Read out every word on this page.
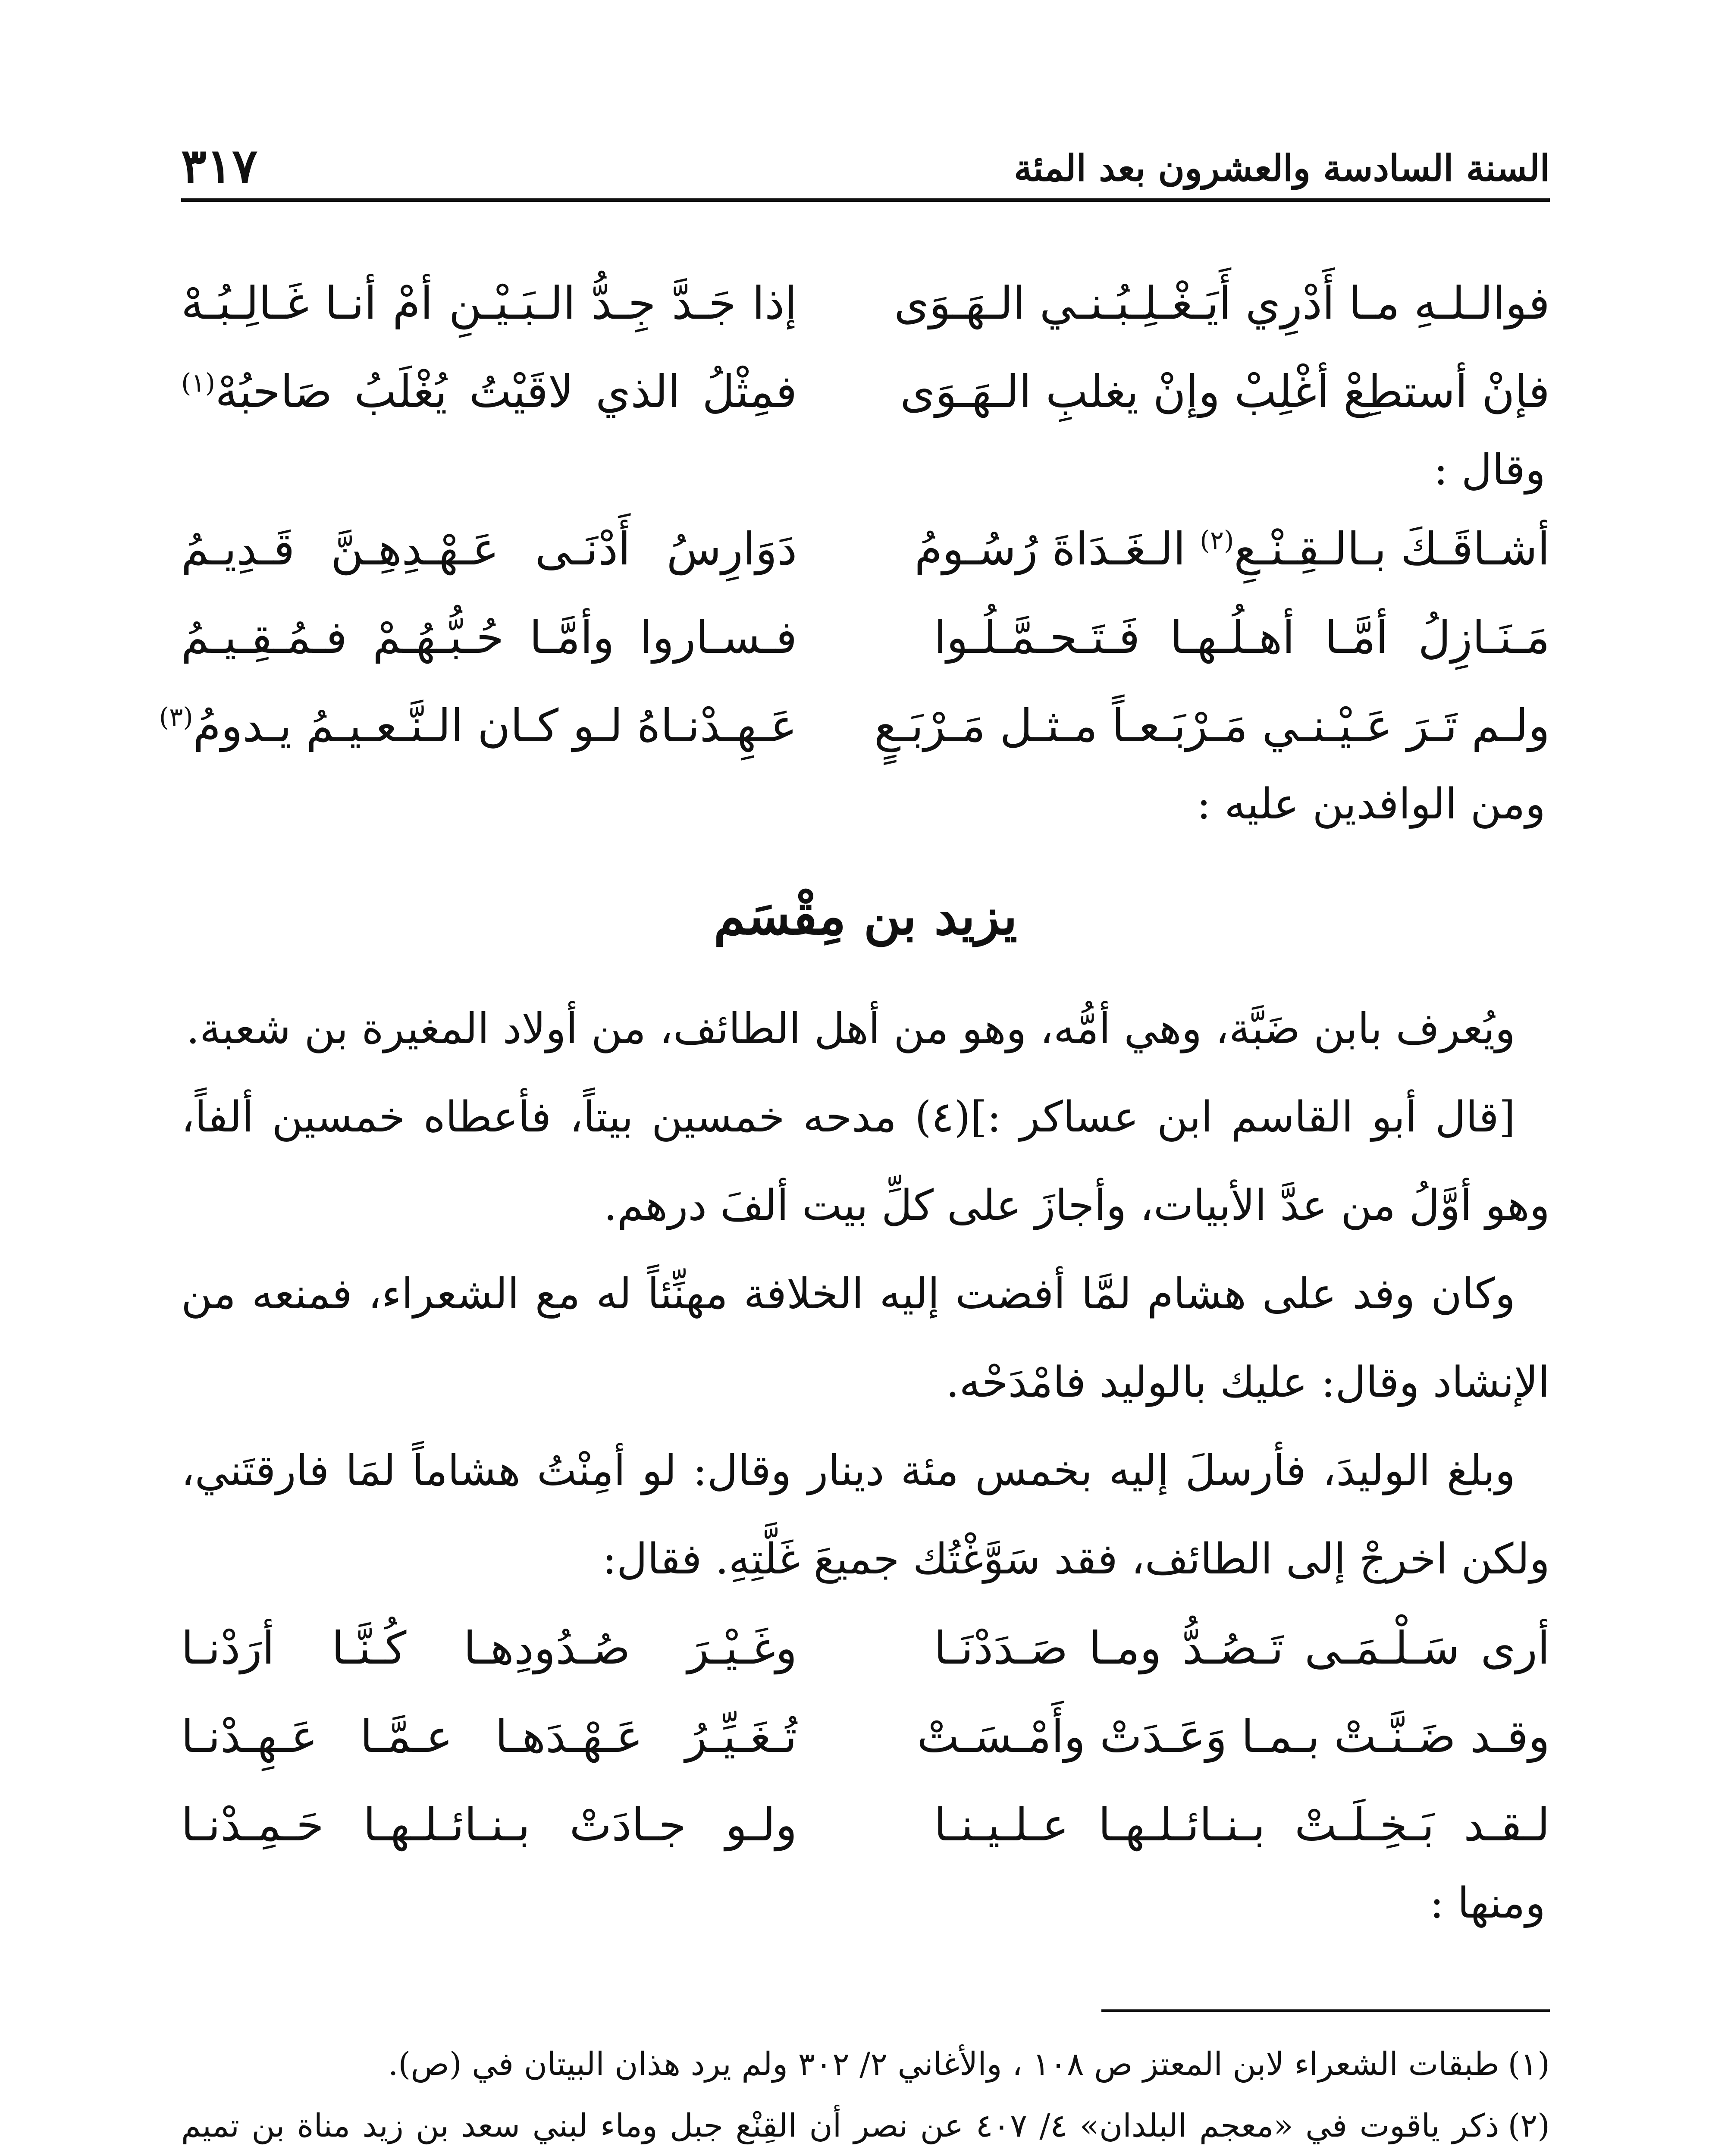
السنة السادسة والعشرون بعد المئة
٣١٧
فوالـلـهِ مـا أَدْرِي أَيَـغْـلِـبُـنـي الـهَـوَى
إذا جَـدَّ جِـدُّ الـبَـيْـنِ أمْ أنـا غَـالِـبُـهْ
فإنْ أستطِعْ أغْلِبْ وإنْ يغلبِ الـهَـوَى
فمِثْلُ الذي لاقَيْتُ يُغْلَبُ صَاحبُهْ$^{(١)}$
وقال :
أشـاقَـكَ بـالـقِـنْـعِ$^{(٢)}$ الـغَـدَاةَ رُسُـومُ
دَوَارِسُ أَدْنَـى عَـهْـدِهِـنَّ قَـدِيـمُ
مَـنَـازِلُ أمَّـا أهـلُـهـا فَـتَـحـمَّـلُـوا
فـسـاروا وأمَّـا حُـبُّـهُـمْ فـمُـقِـيـمُ
ولـم تَـرَ عَـيْـنـي مَـرْبَـعـاً مـثـل مَـرْبَـعٍ
عَـهِـدْنـاهُ لـو كـان الـنَّـعـيـمُ يـدومُ$^{(٣)}$
ومن الوافدين عليه :
يزيد بن مِقْسَم

ويُعرف بابن ضَبَّة، وهي أمُّه، وهو من أهل الطائف، من أولاد المغيرة بن شعبة.

[قال أبو القاسم ابن عساكر :](٤) مدحه خمسين بيتاً، فأعطاه خمسين ألفاً، وهو أوَّلُ من عدَّ الأبيات، وأجازَ على كلِّ بيت ألفَ درهم.

وكان وفد على هشام لمَّا أفضت إليه الخلافة مهنِّئاً له مع الشعراء، فمنعه من الإنشاد وقال: عليك بالوليد فامْدَحْه.

وبلغ الوليدَ، فأرسلَ إليه بخمس مئة دينار وقال: لو أمِنْتُ هشاماً لمَا فارقتَني، ولكن اخرجْ إلى الطائف، فقد سَوَّغْتُك جميعَ غَلَّتِهِ. فقال:

أرى سَـلْـمَـى تَـصُـدُّ ومـا صَـدَدْنَـا
وغَـيْـرَ صُـدُودِهـا كُـنَّـا أرَدْنـا
وقـد ضَـنَّـتْ بـمـا وَعَـدَتْ وأَمْـسَـتْ
تُـغَـيِّـرُ عَـهْـدَهـا عـمَّـا عَـهِـدْنـا
لـقـد بَـخِـلَـتْ بـنـائـلـهـا عـلـيـنـا
ولـو جـادَتْ بـنـائـلـهـا حَـمِـدْنـا
ومنها :

(١)طبقات الشعراء لابن المعتز ص ١٠٨ ، والأغاني ٢/ ٣٠٢ ولم يرد هذان البيتان في (ص).

(٢)ذكر ياقوت في «معجم البلدان» ٤/ ٤٠٧ عن نصر أن القِنْع جبل وماء لبني سعد بن زيد مناة بن تميم
